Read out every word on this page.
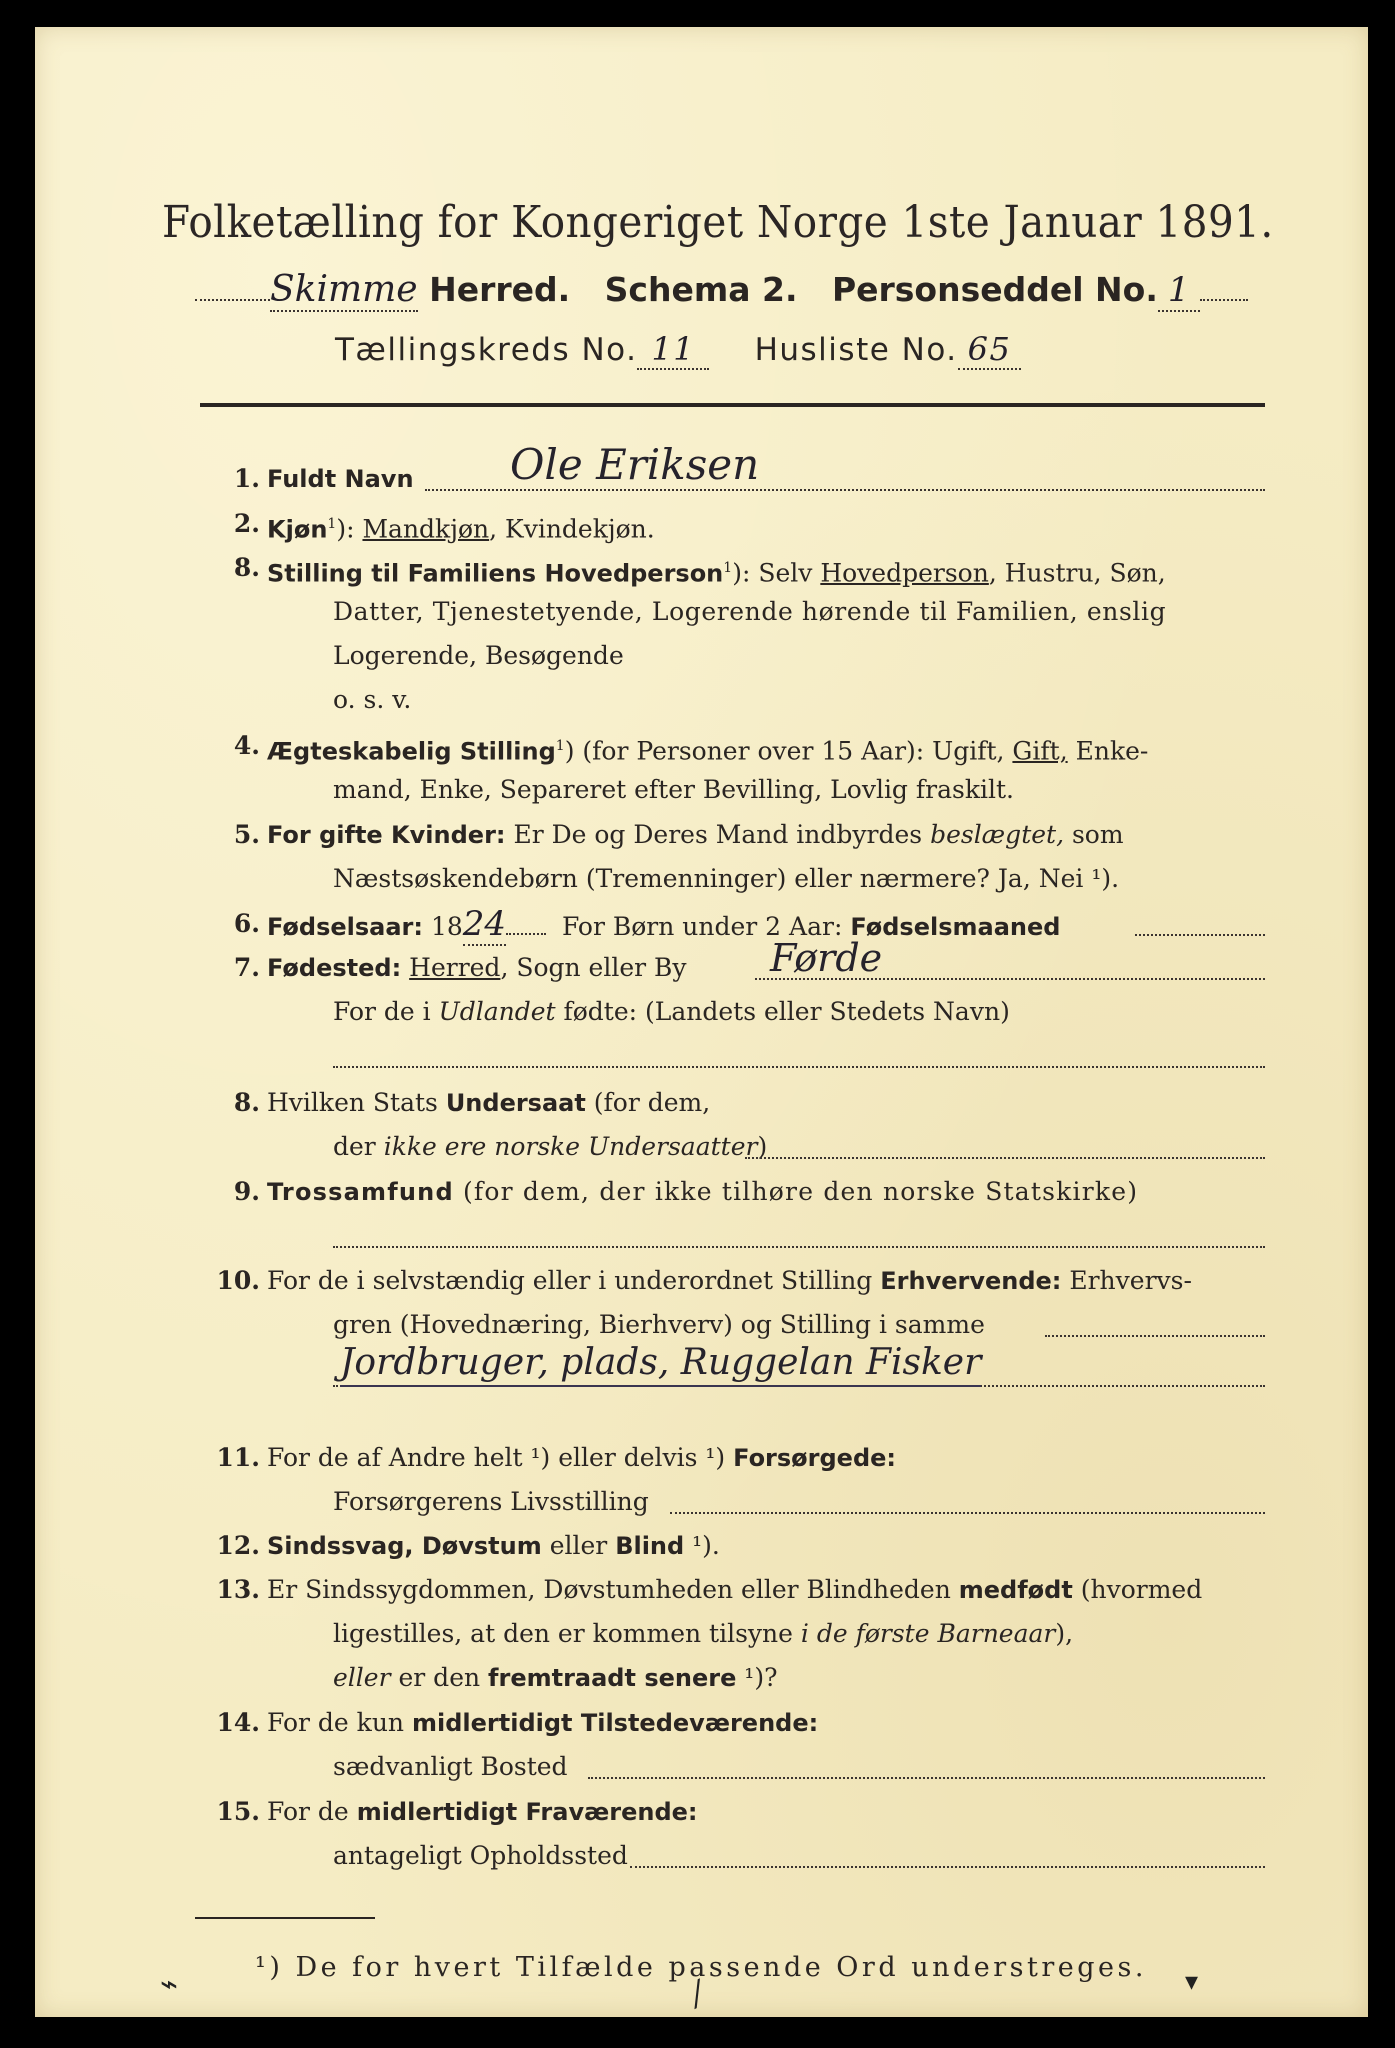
Folketælling for Kongeriget Norge 1ste Januar 1891.
Skimme Herred. Schema 2. Personseddel No. 1
Tællingskreds No. 11 Husliste No. 65
1. Fuldt Navn Ole Eriksen
2. Kjøn$^1$): Mandkjøn, Kvindekjøn.
8. Stilling til Familiens Hovedperson$^1$): Selv Hovedperson, Hustru, Søn,
Datter, Tjenestetyende, Logerende hørende til Familien, enslig
Logerende, Besøgende
o. s. v.
4. Ægteskabelig Stilling$^1$) (for Personer over 15 Aar): Ugift, Gift, Enke-
mand, Enke, Separeret efter Bevilling, Lovlig fraskilt.
5. For gifte Kvinder: Er De og Deres Mand indbyrdes beslægtet, som
Næstsøskendebørn (Tremenninger) eller nærmere? Ja, Nei ¹).
6. Fødselsaar: 1824 For Børn under 2 Aar: Fødselsmaaned
7. Fødested: Herred, Sogn eller By Førde
For de i Udlandet fødte: (Landets eller Stedets Navn)
8. Hvilken Stats Undersaat (for dem,
der ikke ere norske Undersaatter)
9. Trossamfund (for dem, der ikke tilhøre den norske Statskirke)
10. For de i selvstændig eller i underordnet Stilling Erhvervende: Erhvervs-
gren (Hovednæring, Bierhverv) og Stilling i samme
Jordbruger, plads, Ruggelan Fisker
11. For de af Andre helt ¹) eller delvis ¹) Forsørgede:
Forsørgerens Livsstilling
12. Sindssvag, Døvstum eller Blind ¹).
13. Er Sindssygdommen, Døvstumheden eller Blindheden medfødt (hvormed
ligestilles, at den er kommen tilsyne i de første Barneaar),
eller er den fremtraadt senere ¹)?
14. For de kun midlertidigt Tilstedeværende:
sædvanligt Bosted
15. For de midlertidigt Fraværende:
antageligt Opholdssted
¹) De for hvert Tilfælde passende Ord understreges.
⌁	⁄	▾
